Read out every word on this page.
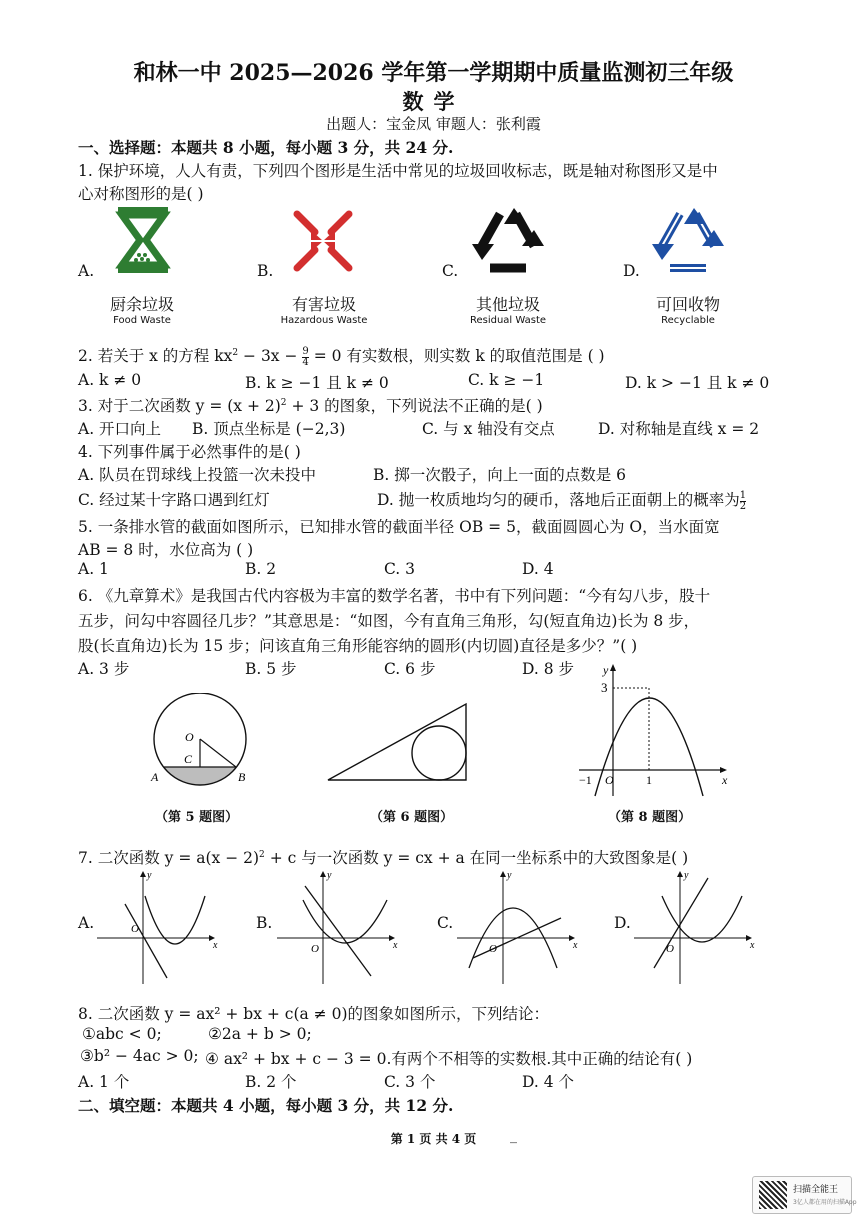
和林一中 2025—2026 学年第一学期期中质量监测初三年级
数学
出题人：宝金凤 审题人：张利霞
一、选择题：本题共 8 小题，每小题 3 分，共 24 分.
1. 保护环境，人人有责，下列四个图形是生活中常见的垃圾回收标志，既是轴对称图形又是中
心对称图形的是( )
A.
厨余垃圾
Food Waste
B.
有害垃圾
Hazardous Waste
C.
其他垃圾
Residual Waste
D.
可回收物
Recyclable
2. 若关于 x 的方程 $kx^2 - 3x - \frac{9}{4} = 0$ 有实数根，则实数 k 的取值范围是 ( )
A. k ≠ 0	B. k ≥ −1 且 k ≠ 0	C. k ≥ −1	D. k > −1 且 k ≠ 0
3. 对于二次函数 $y = (x + 2)^2 + 3$ 的图象，下列说法不正确的是( )
A. 开口向上 B. 顶点坐标是 (−2,3)	C. 与 x 轴没有交点	D. 对称轴是直线 x = 2
4. 下列事件属于必然事件的是( )
A. 队员在罚球线上投篮一次未投中	B. 掷一次骰子，向上一面的点数是 6
C. 经过某十字路口遇到红灯	D. 抛一枚质地均匀的硬币，落地后正面朝上的概率为 $\frac{1}{2}$
5. 一条排水管的截面如图所示，已知排水管的截面半径 OB = 5，截面圆圆心为 O，当水面宽
AB = 8 时，水位高为 ( )
A. 1	B. 2	C. 3	D. 4
6. 《九章算术》是我国古代内容极为丰富的数学名著，书中有下列问题：“今有勾八步，股十
五步，问勾中容圆径几步？”其意思是：“如图，今有直角三角形，勾(短直角边)长为 8 步，
股(长直角边)长为 15 步；问该直角三角形能容纳的圆形(内切圆)直径是多少？”( )
A. 3 步	B. 5 步	C. 6 步	D. 8 步
O
C
A	B
（第 5 题图）	（第 6 题图）
y
x
3
−1 O	1
（第 8 题图）
7. 二次函数 $y = a(x - 2)^2 + c$ 与一次函数 y = cx + a 在同一坐标系中的大致图象是( )
A.
y
x
O	B.
y
x
O
C.
y
x
O
D.
y
x
O
8. 二次函数 y = ax² + bx + c(a ≠ 0)的图象如图所示，下列结论：
①abc < 0;	②2a + b > 0;
③b² − 4ac > 0; ④ ax² + bx + c − 3 = 0.有两个不相等的实数根.其中正确的结论有( )
A. 1 个	B. 2 个	C. 3 个	D. 4 个
二、填空题：本题共 4 小题，每小题 3 分，共 12 分.
第 1 页 共 4 页	_
扫描全能王
3亿人都在用的扫描App
